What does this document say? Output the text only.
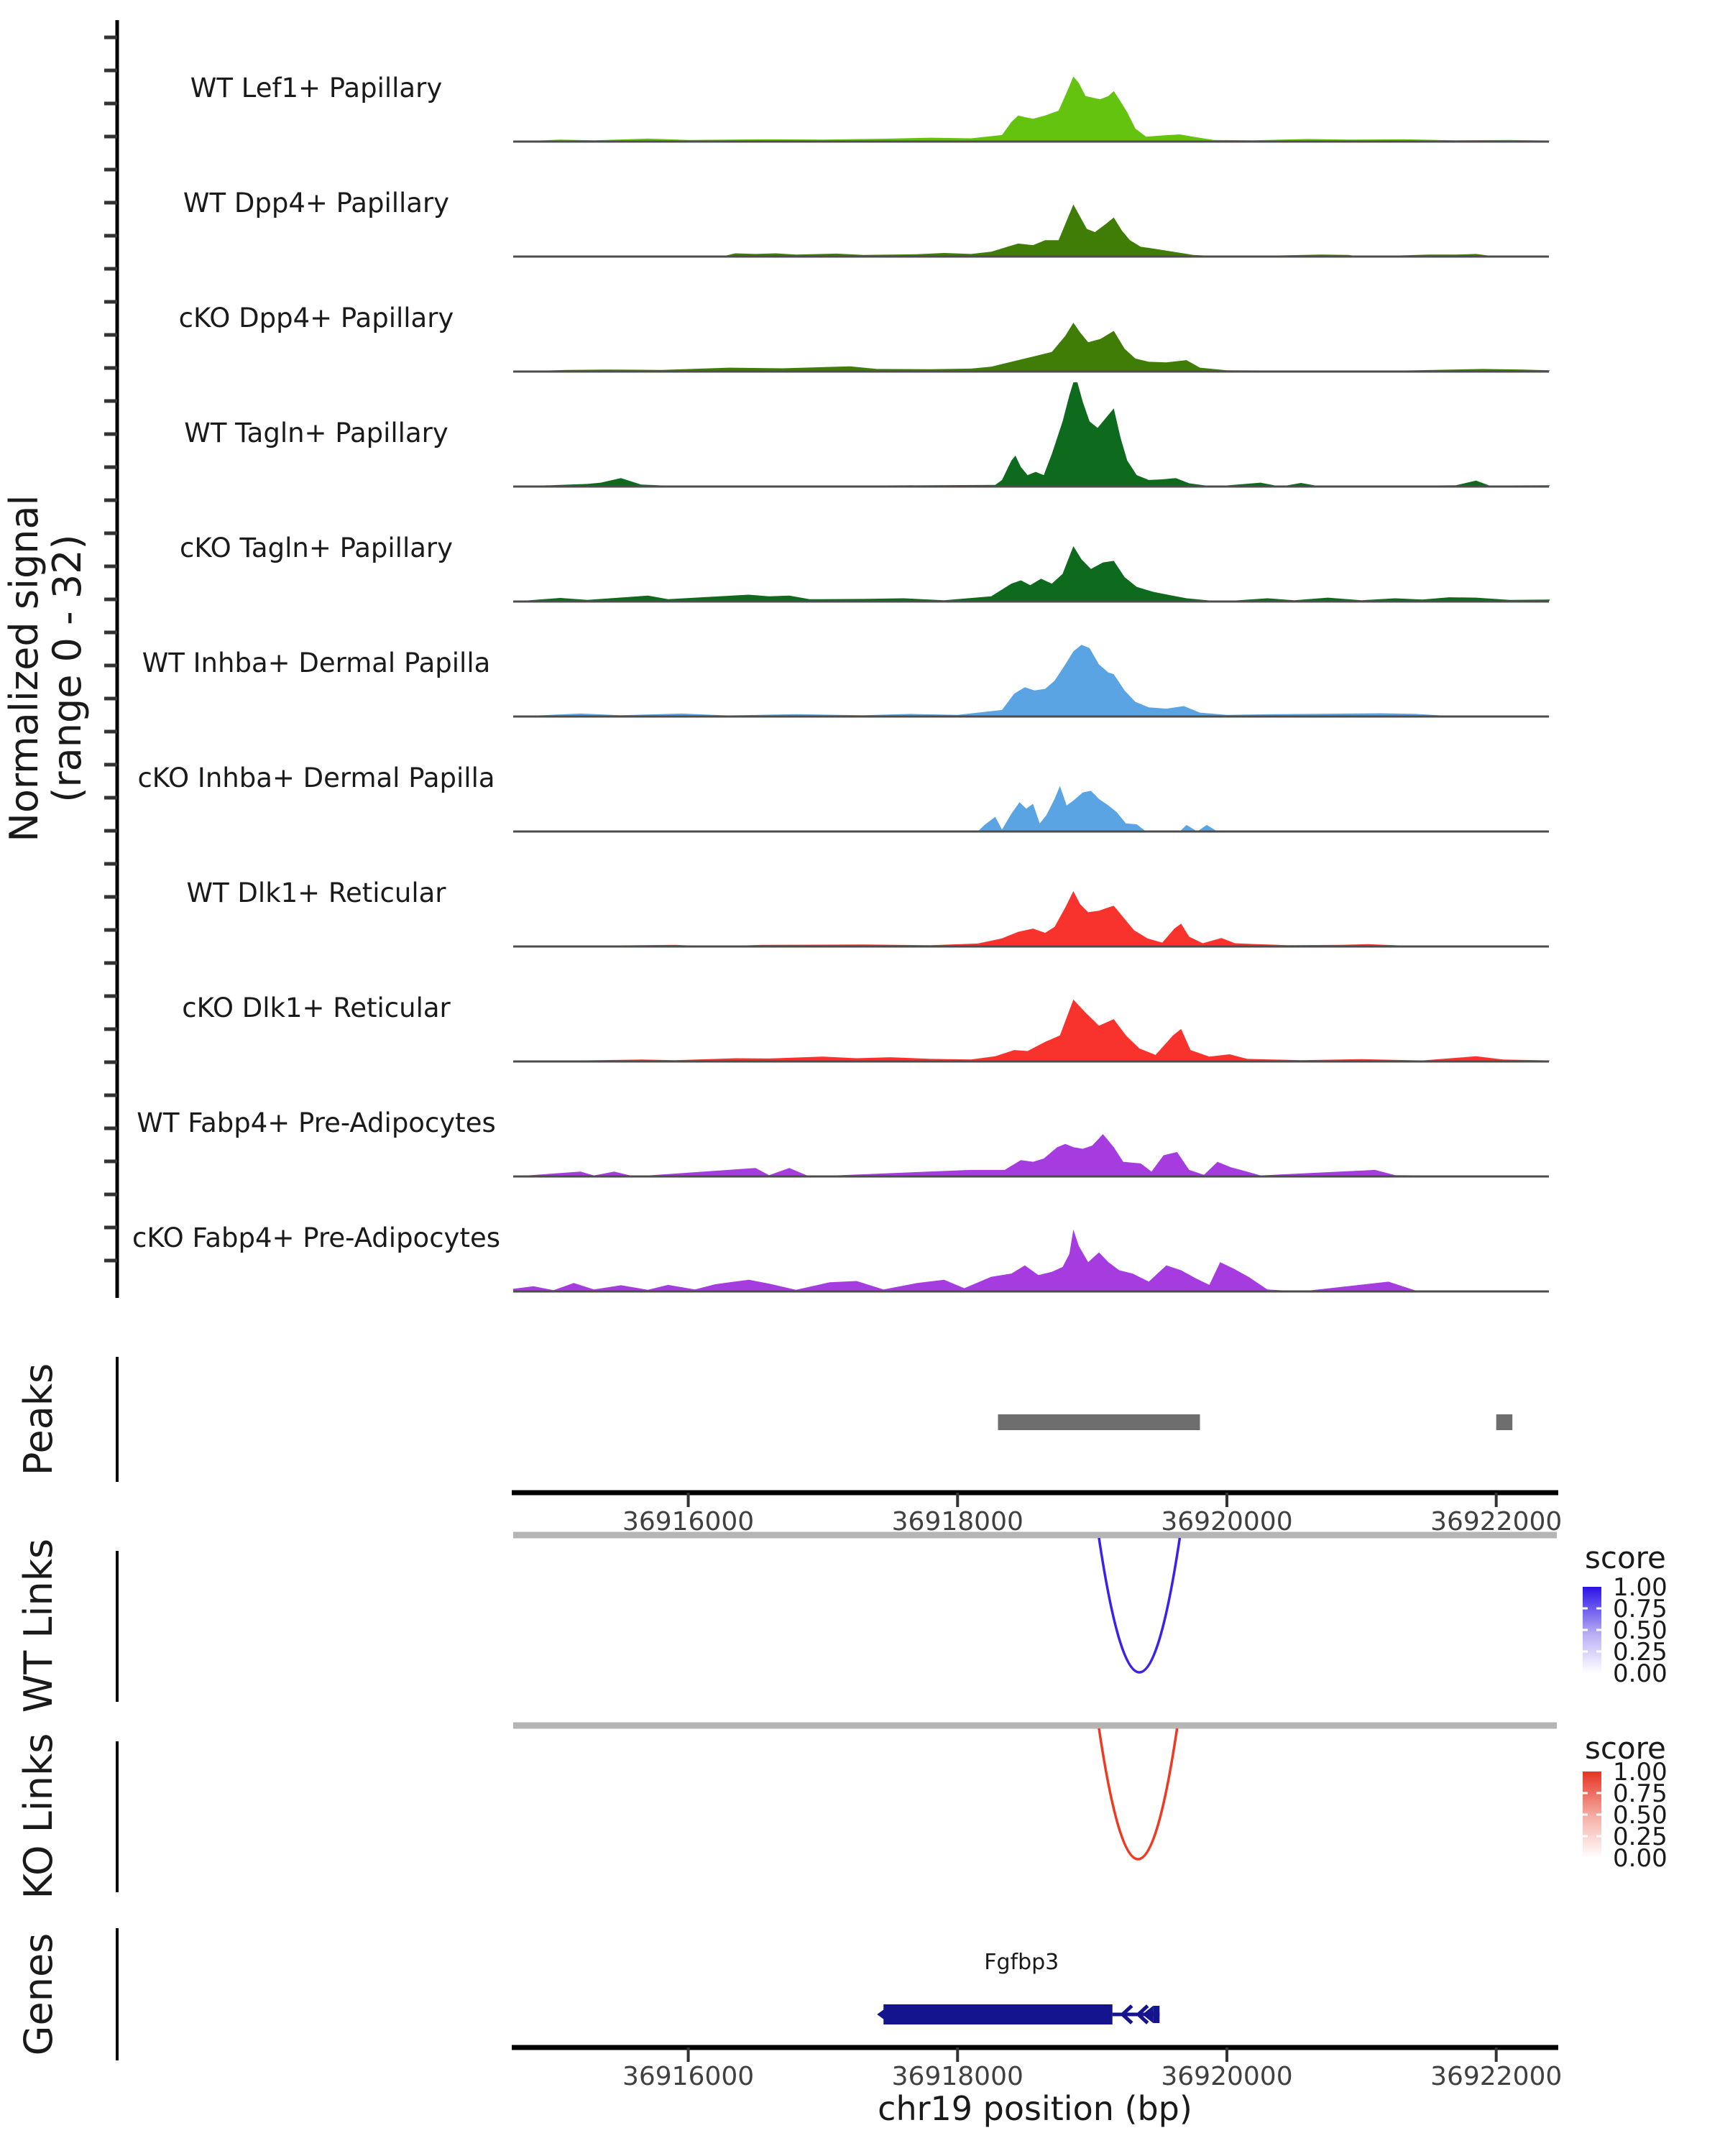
Normalized signal
(range 0 - 32)
WT Lef1+ Papillary
WT Dpp4+ Papillary
cKO Dpp4+ Papillary
WT Tagln+ Papillary
cKO Tagln+ Papillary
WT Inhba+ Dermal Papilla
cKO Inhba+ Dermal Papilla
WT Dlk1+ Reticular
cKO Dlk1+ Reticular
WT Fabp4+ Pre-Adipocytes
cKO Fabp4+ Pre-Adipocytes
Peaks
36916000	36918000	36920000	36922000
WT Links	score
1.00
0.75
0.50
0.25
0.00
KO Links	score
1.00
0.75
0.50
0.25
0.00
Genes	Fgfbp3
36916000	36918000	36920000	36922000
chr19 position (bp)
